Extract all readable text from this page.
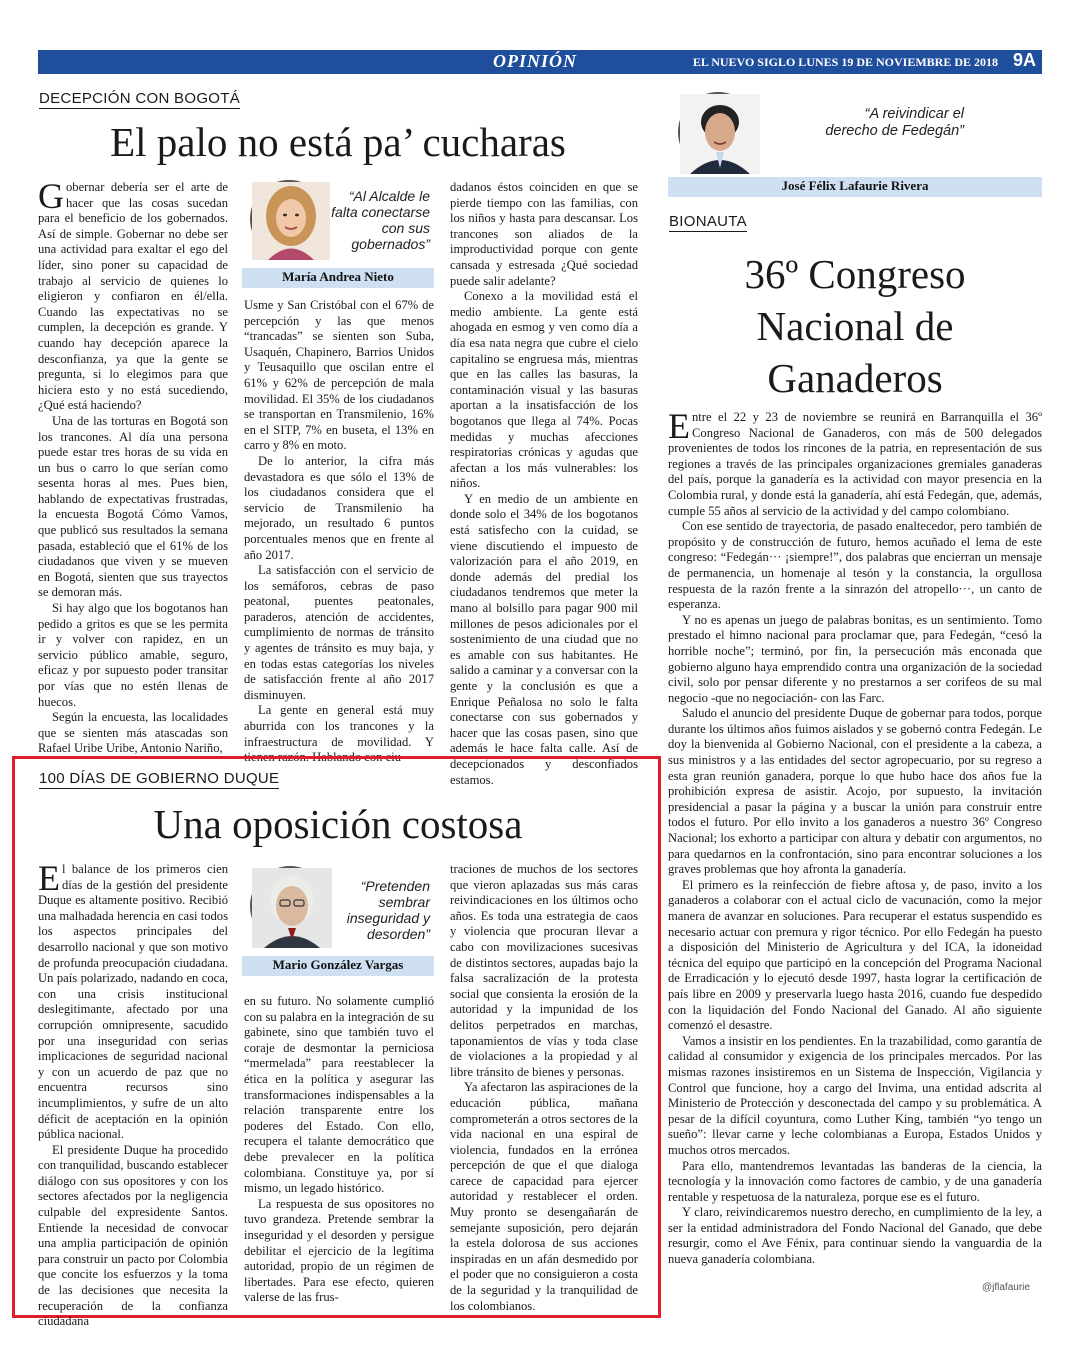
OPINIÓN	EL NUEVO SIGLO LUNES 19 DE NOVIEMBRE DE 2018 9A
DECEPCIÓN CON BOGOTÁ
El palo no está pa’ cucharas

Gobernar debería ser el arte de hacer que las cosas sucedan para el beneficio de los gobernados. Así de simple. Gobernar no debe ser una actividad para exaltar el ego del líder, sino poner su capacidad de trabajo al servicio de quienes lo eligieron y confiaron en él/ella. Cuando las expectativas no se cumplen, la decepción es grande. Y cuando hay decepción aparece la desconfianza, ya que la gente se pregunta, si lo elegimos para que hiciera esto y no está sucediendo, ¿Qué está haciendo?

Una de las torturas en Bogotá son los trancones. Al día una persona puede estar tres horas de su vida en un bus o carro lo que serían como sesenta horas al mes. Pues bien, hablando de expectativas frustradas, la encuesta Bogotá Cómo Vamos, que publicó sus resultados la semana pasada, estableció que el 61% de los ciudadanos que viven y se mueven en Bogotá, sienten que sus trayectos se demoran más.

Si hay algo que los bogotanos han pedido a gritos es que se les permita ir y volver con rapidez, en un servicio público amable, seguro, eficaz y por supuesto poder transitar por vías que no estén llenas de huecos.

Según la encuesta, las localidades que se sienten más atascadas son Rafael Uribe Uribe, Antonio Nariño,

“Al Alcalde le falta conectarse con sus gobernados”
María Andrea Nieto

Usme y San Cristóbal con el 67% de percepción y las que menos “trancadas” se sienten son Suba, Usaquén, Chapinero, Barrios Unidos y Teusaquillo que oscilan entre el 61% y 62% de percepción de mala movilidad. El 35% de los ciudadanos se transportan en Transmilenio, 16% en el SITP, 7% en buseta, el 13% en carro y 8% en moto.

De lo anterior, la cifra más devastadora es que sólo el 13% de los ciudadanos considera que el servicio de Transmilenio ha mejorado, un resultado 6 puntos porcentuales menos que en frente al año 2017.

La satisfacción con el servicio de los semáforos, cebras de paso peatonal, puentes peatonales, paraderos, atención de accidentes, cumplimiento de normas de tránsito y agentes de tránsito es muy baja, y en todas estas categorías los niveles de satisfacción frente al año 2017 disminuyen.

La gente en general está muy aburrida con los trancones y la infraestructura de movilidad. Y tienen razón. Hablando con ciu-

dadanos éstos coinciden en que se pierde tiempo con las familias, con los niños y hasta para descansar. Los trancones son aliados de la improductividad porque con gente cansada y estresada ¿Qué sociedad puede salir adelante?

Conexo a la movilidad está el medio ambiente. La gente está ahogada en esmog y ven como día a día esa nata negra que cubre el cielo capitalino se engruesa más, mientras que en las calles las basuras, la contaminación visual y las basuras aportan a la insatisfacción de los bogotanos que llega al 74%. Pocas medidas y muchas afecciones respiratorias crónicas y agudas que afectan a los más vulnerables: los niños.

Y en medio de un ambiente en donde solo el 34% de los bogotanos está satisfecho con la cuidad, se viene discutiendo el impuesto de valorización para el año 2019, en donde además del predial los ciudadanos tendremos que meter la mano al bolsillo para pagar 900 mil millones de pesos adicionales por el sostenimiento de una ciudad que no es amable con sus habitantes. He salido a caminar y a conversar con la gente y la conclusión es que a Enrique Peñalosa no solo le falta conectarse con sus gobernados y hacer que las cosas pasen, sino que además le hace falta calle. Así de decepcionados y desconfiados estamos.

100 DÍAS DE GOBIERNO DUQUE
Una oposición costosa

El balance de los primeros cien días de la gestión del presidente Duque es altamente positivo. Recibió una malhadada herencia en casi todos los aspectos principales del desarrollo nacional y que son motivo de profunda preocupación ciudadana. Un país polarizado, nadando en coca, con una crisis institucional deslegitimante, afectado por una corrupción omnipresente, sacudido por una inseguridad con serias implicaciones de seguridad nacional y con un acuerdo de paz que no encuentra recursos sino incumplimientos, y sufre de un alto déficit de aceptación en la opinión pública nacional.

El presidente Duque ha procedido con tranquilidad, buscando establecer diálogo con sus opositores y con los sectores afectados por la negligencia culpable del expresidente Santos. Entiende la necesidad de convocar una amplia participación de opinión para construir un pacto por Colombia que concite los esfuerzos y la toma de las decisiones que necesita la recuperación de la confianza ciudadana

“Pretenden sembrar inseguridad y desorden”
Mario González Vargas

en su futuro. No solamente cumplió con su palabra en la integración de su gabinete, sino que también tuvo el coraje de desmontar la perniciosa “mermelada” para reestablecer la ética en la política y asegurar las transformaciones indispensables a la relación transparente entre los poderes del Estado. Con ello, recupera el talante democrático que debe prevalecer en la política colombiana. Constituye ya, por sí mismo, un legado histórico.

La respuesta de sus opositores no tuvo grandeza. Pretende sembrar la inseguridad y el desorden y persigue debilitar el ejercicio de la legítima autoridad, propio de un régimen de libertades. Para ese efecto, quieren valerse de las frus-

traciones de muchos de los sectores que vieron aplazadas sus más caras reivindicaciones en los últimos ocho años. Es toda una estrategia de caos y violencia que procuran llevar a cabo con movilizaciones sucesivas de distintos sectores, aupadas bajo la falsa sacralización de la protesta social que consienta la erosión de la autoridad y la impunidad de los delitos perpetrados en marchas, taponamientos de vías y toda clase de violaciones a la propiedad y al libre tránsito de bienes y personas.

Ya afectaron las aspiraciones de la educación pública, mañana comprometerán a otros sectores de la vida nacional en una espiral de violencia, fundados en la errónea percepción de que el que dialoga carece de capacidad para ejercer autoridad y restablecer el orden. Muy pronto se desengañarán de semejante suposición, pero dejarán la estela dolorosa de sus acciones inspiradas en un afán desmedido por el poder que no consiguieron a costa de la seguridad y la tranquilidad de los colombianos.

“A reivindicar el derecho de Fedegán”
José Félix Lafaurie Rivera
BIONAUTA
36º Congreso
Nacional de
Ganaderos

Entre el 22 y 23 de noviembre se reunirá en Barranquilla el 36º Congreso Nacional de Ganaderos, con más de 500 delegados provenientes de todos los rincones de la patria, en representación de sus regiones a través de las principales organizaciones gremiales ganaderas del país, porque la ganadería es la actividad con mayor presencia en la Colombia rural, y donde está la ganadería, ahí está Fedegán, que, además, cumple 55 años al servicio de la actividad y del campo colombiano.

Con ese sentido de trayectoria, de pasado enaltecedor, pero también de propósito y de construcción de futuro, hemos acuñado el lema de este congreso: “Fedegán··· ¡siempre!”, dos palabras que encierran un mensaje de permanencia, un homenaje al tesón y la constancia, la orgullosa respuesta de la razón frente a la sinrazón del atropello···, un canto de esperanza.

Y no es apenas un juego de palabras bonitas, es un sentimiento. Tomo prestado el himno nacional para proclamar que, para Fedegán, “cesó la horrible noche”; terminó, por fin, la persecución más enconada que gobierno alguno haya emprendido contra una organización de la sociedad civil, solo por pensar diferente y no prestarnos a ser corifeos de su mal negocio -que no negociación- con las Farc.

Saludo el anuncio del presidente Duque de gobernar para todos, porque durante los últimos años fuimos aislados y se gobernó contra Fedegán. Le doy la bienvenida al Gobierno Nacional, con el presidente a la cabeza, a sus ministros y a las entidades del sector agropecuario, por su regreso a esta gran reunión ganadera, porque lo que hubo hace dos años fue la prohibición expresa de asistir. Acojo, por supuesto, la invitación presidencial a pasar la página y a buscar la unión para construir entre todos el futuro. Por ello invito a los ganaderos a nuestro 36º Congreso Nacional; los exhorto a participar con altura y debatir con argumentos, no para quedarnos en la confrontación, sino para encontrar soluciones a los graves problemas que hoy afronta la ganadería.

El primero es la reinfección de fiebre aftosa y, de paso, invito a los ganaderos a colaborar con el actual ciclo de vacunación, como la mejor manera de avanzar en soluciones. Para recuperar el estatus suspendido es necesario actuar con premura y rigor técnico. Por ello Fedegán ha puesto a disposición del Ministerio de Agricultura y del ICA, la idoneidad técnica del equipo que participó en la concepción del Programa Nacional de Erradicación y lo ejecutó desde 1997, hasta lograr la certificación de país libre en 2009 y preservarla luego hasta 2016, cuando fue despedido con la liquidación del Fondo Nacional del Ganado. Al año siguiente comenzó el desastre.

Vamos a insistir en los pendientes. En la trazabilidad, como garantía de calidad al consumidor y exigencia de los principales mercados. Por las mismas razones insistiremos en un Sistema de Inspección, Vigilancia y Control que funcione, hoy a cargo del Invima, una entidad adscrita al Ministerio de Protección y desconectada del campo y su problemática. A pesar de la difícil coyuntura, como Luther King, también “yo tengo un sueño”: llevar carne y leche colombianas a Europa, Estados Unidos y muchos otros mercados.

Para ello, mantendremos levantadas las banderas de la ciencia, la tecnología y la innovación como factores de cambio, y de una ganadería rentable y respetuosa de la naturaleza, porque ese es el futuro.

Y claro, reivindicaremos nuestro derecho, en cumplimiento de la ley, a ser la entidad administradora del Fondo Nacional del Ganado, que debe resurgir, como el Ave Fénix, para continuar siendo la vanguardia de la nueva ganadería colombiana.

@jflafaurie
